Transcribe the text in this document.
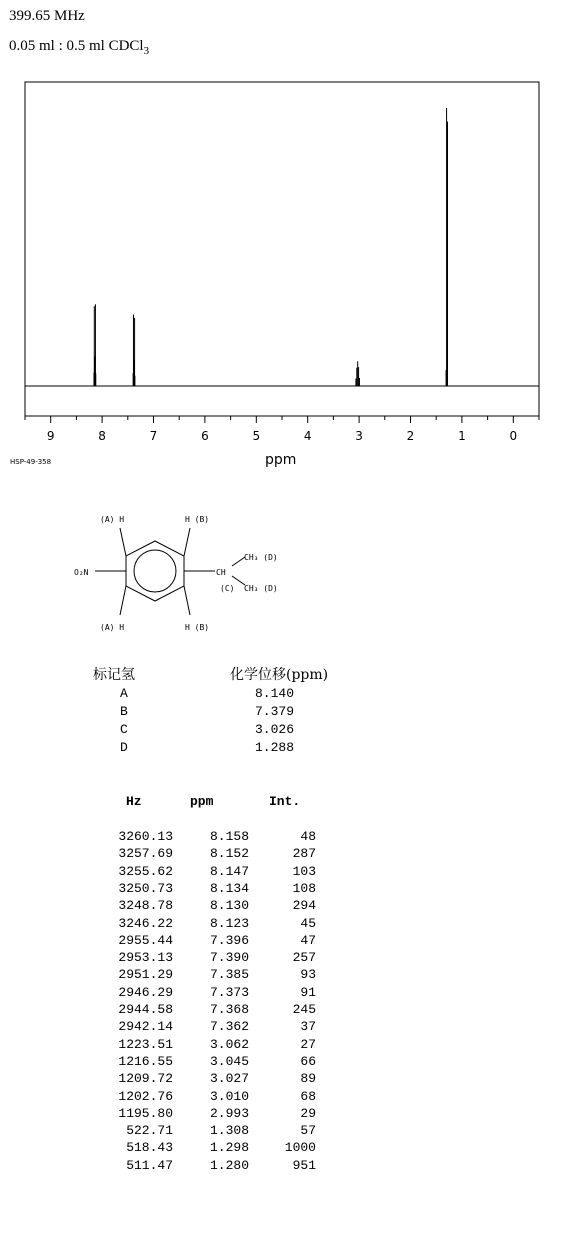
399.65 MHz
0.05 ml : 0.5 ml CDCl$_3$
9	8	7	6	5	4	3	2	1	0
HSP-49-358	ppm
(A) H	H (B)
(A) H	H (B)
O₂N	CH
CH₃ (D)
CH₃ (D)
(C)
标记氢	化学位移(ppm)
A	8.140
B	7.379
C	3.026
D	1.288
Hz	ppm	Int.
3260.13	8.158	48
3257.69	8.152	287
3255.62	8.147	103
3250.73	8.134	108
3248.78	8.130	294
3246.22	8.123	45
2955.44	7.396	47
2953.13	7.390	257
2951.29	7.385	93
2946.29	7.373	91
2944.58	7.368	245
2942.14	7.362	37
1223.51	3.062	27
1216.55	3.045	66
1209.72	3.027	89
1202.76	3.010	68
1195.80	2.993	29
522.71	1.308	57
518.43	1.298	1000
511.47	1.280	951
